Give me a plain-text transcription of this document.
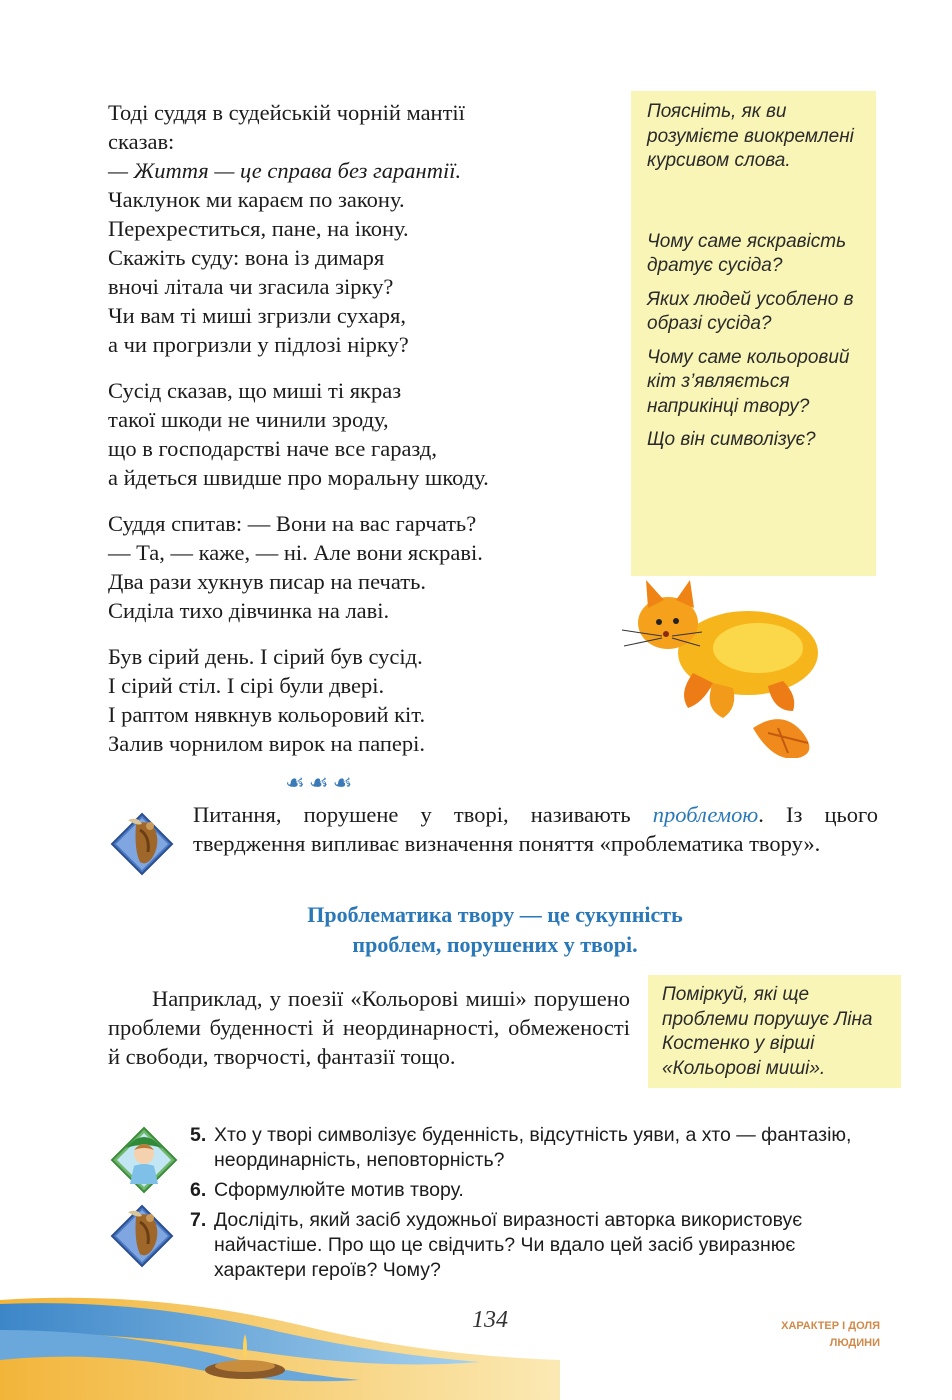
Тоді суддя в судейській чорній мантії
сказав:
— Життя — це справа без гарантії.
Чаклунок ми караєм по закону.
Перехреститься, пане, на ікону.
Скажіть суду: вона із димаря
вночі літала чи згасила зірку?
Чи вам ті миші згризли сухаря,
а чи прогризли у підлозі нірку?
Сусід сказав, що миші ті якраз
такої шкоди не чинили зроду,
що в господарстві наче все гаразд,
а йдеться швидше про моральну шкоду.
Суддя спитав: — Вони на вас гарчать?
— Та, — каже, — ні. Але вони яскраві.
Два рази хукнув писар на печать.
Сиділа тихо дівчинка на лаві.
Був сірий день. І сірий був сусід.
І сірий стіл. І сірі були двері.
І раптом нявкнув кольоровий кіт.
Залив чорнилом вирок на папері.
Поясніть, як ви розумієте виокремлені курсивом слова.
Чому саме яскравість дратує сусіда?
Яких людей усоблено в образі сусіда?
Чому саме кольоровий кіт з’являється наприкінці твору?
Що він символізує?
☙☙☙
Питання, порушене у творі, називають проблемою. Із цього твердження випливає визначення поняття «проблематика твору».
Проблематика твору — це сукупність
проблем, порушених у творі.
Наприклад, у поезії «Кольорові миші» порушено проблеми буденності й неординарності, обмеженості й свободи, творчості, фантазії тощо.
Поміркуй, які ще проблеми порушує Ліна Костенко у вірші «Кольорові миші».
5. Хто у творі символізує буденність, відсутність уяви, а хто — фантазію, неординарність, неповторність?
6. Сформулюйте мотив твору.
7. Дослідіть, який засіб художньої виразності авторка використовує найчастіше. Про що це свідчить? Чи вдало цей засіб увиразнює характери героїв? Чому?
134	ХАРАКТЕР І ДОЛЯ
ЛЮДИНИ
